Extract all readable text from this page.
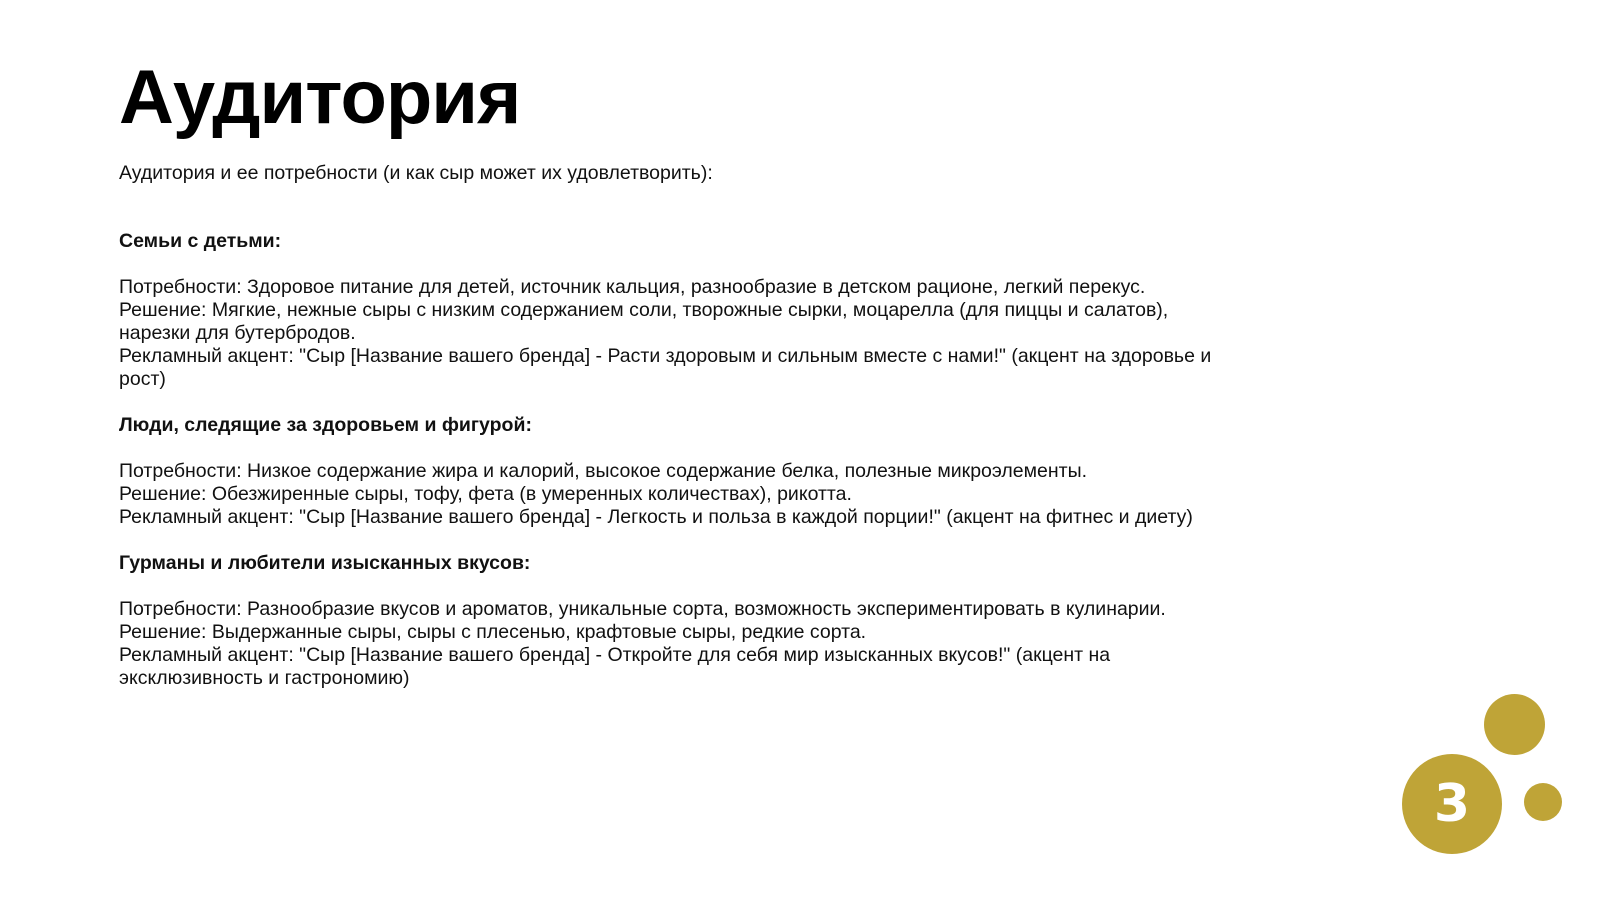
Аудитория

Аудитория и ее потребности (и как сыр может их удовлетворить):

Семьи с детьми:

Потребности: Здоровое питание для детей, источник кальция, разнообразие в детском рационе, легкий перекус.
Решение: Мягкие, нежные сыры с низким содержанием соли, творожные сырки, моцарелла (для пиццы и салатов), нарезки для бутербродов.
Рекламный акцент: "Сыр [Название вашего бренда] - Расти здоровым и сильным вместе с нами!" (акцент на здоровье и рост)

Люди, следящие за здоровьем и фигурой:

Потребности: Низкое содержание жира и калорий, высокое содержание белка, полезные микроэлементы.
Решение: Обезжиренные сыры, тофу, фета (в умеренных количествах), рикотта.
Рекламный акцент: "Сыр [Название вашего бренда] - Легкость и польза в каждой порции!" (акцент на фитнес и диету)

Гурманы и любители изысканных вкусов:

Потребности: Разнообразие вкусов и ароматов, уникальные сорта, возможность экспериментировать в кулинарии.
Решение: Выдержанные сыры, сыры с плесенью, крафтовые сыры, редкие сорта.
Рекламный акцент: "Сыр [Название вашего бренда] - Откройте для себя мир изысканных вкусов!" (акцент на эксклюзивность и гастрономию)
3
